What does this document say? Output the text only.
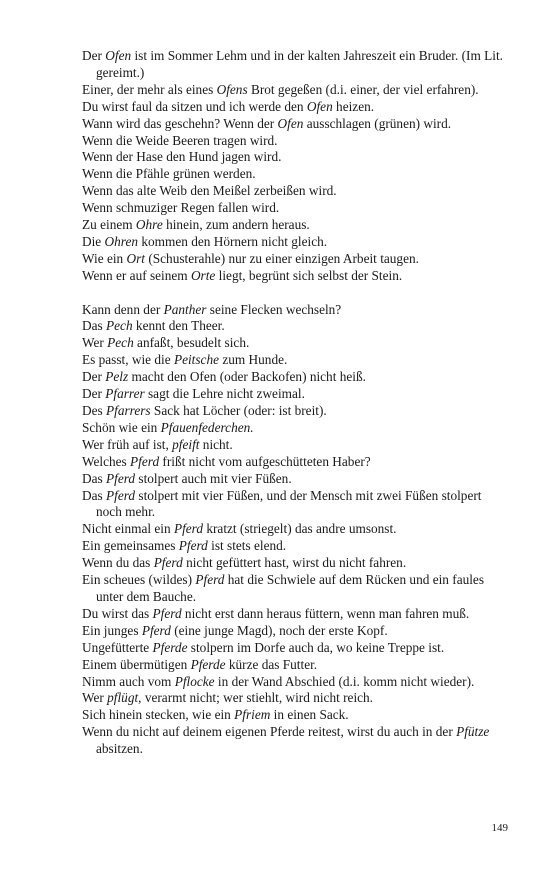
Der Ofen ist im Sommer Lehm und in der kalten Jahreszeit ein Bruder. (Im Lit. gereimt.)

Einer, der mehr als eines Ofens Brot gegeßen (d.i. einer, der viel erfahren).

Du wirst faul da sitzen und ich werde den Ofen heizen.

Wann wird das geschehn? Wenn der Ofen ausschlagen (grünen) wird.

Wenn die Weide Beeren tragen wird.

Wenn der Hase den Hund jagen wird.

Wenn die Pfähle grünen werden.

Wenn das alte Weib den Meißel zerbeißen wird.

Wenn schmuziger Regen fallen wird.

Zu einem Ohre hinein, zum andern heraus.

Die Ohren kommen den Hörnern nicht gleich.

Wie ein Ort (Schusterahle) nur zu einer einzigen Arbeit taugen.

Wenn er auf seinem Orte liegt, begrünt sich selbst der Stein.

Kann denn der Panther seine Flecken wechseln?

Das Pech kennt den Theer.

Wer Pech anfaßt, besudelt sich.

Es passt, wie die Peitsche zum Hunde.

Der Pelz macht den Ofen (oder Backofen) nicht heiß.

Der Pfarrer sagt die Lehre nicht zweimal.

Des Pfarrers Sack hat Löcher (oder: ist breit).

Schön wie ein Pfauenfederchen.

Wer früh auf ist, pfeift nicht.

Welches Pferd frißt nicht vom aufgeschütteten Haber?

Das Pferd stolpert auch mit vier Füßen.

Das Pferd stolpert mit vier Füßen, und der Mensch mit zwei Füßen stolpert noch mehr.

Nicht einmal ein Pferd kratzt (striegelt) das andre umsonst.

Ein gemeinsames Pferd ist stets elend.

Wenn du das Pferd nicht gefüttert hast, wirst du nicht fahren.

Ein scheues (wildes) Pferd hat die Schwiele auf dem Rücken und ein faules unter dem Bauche.

Du wirst das Pferd nicht erst dann heraus füttern, wenn man fahren muß.

Ein junges Pferd (eine junge Magd), noch der erste Kopf.

Ungefütterte Pferde stolpern im Dorfe auch da, wo keine Treppe ist.

Einem übermütigen Pferde kürze das Futter.

Nimm auch vom Pflocke in der Wand Abschied (d.i. komm nicht wieder).

Wer pflügt, verarmt nicht; wer stiehlt, wird nicht reich.

Sich hinein stecken, wie ein Pfriem in einen Sack.

Wenn du nicht auf deinem eigenen Pferde reitest, wirst du auch in der Pfütze absitzen.

149
